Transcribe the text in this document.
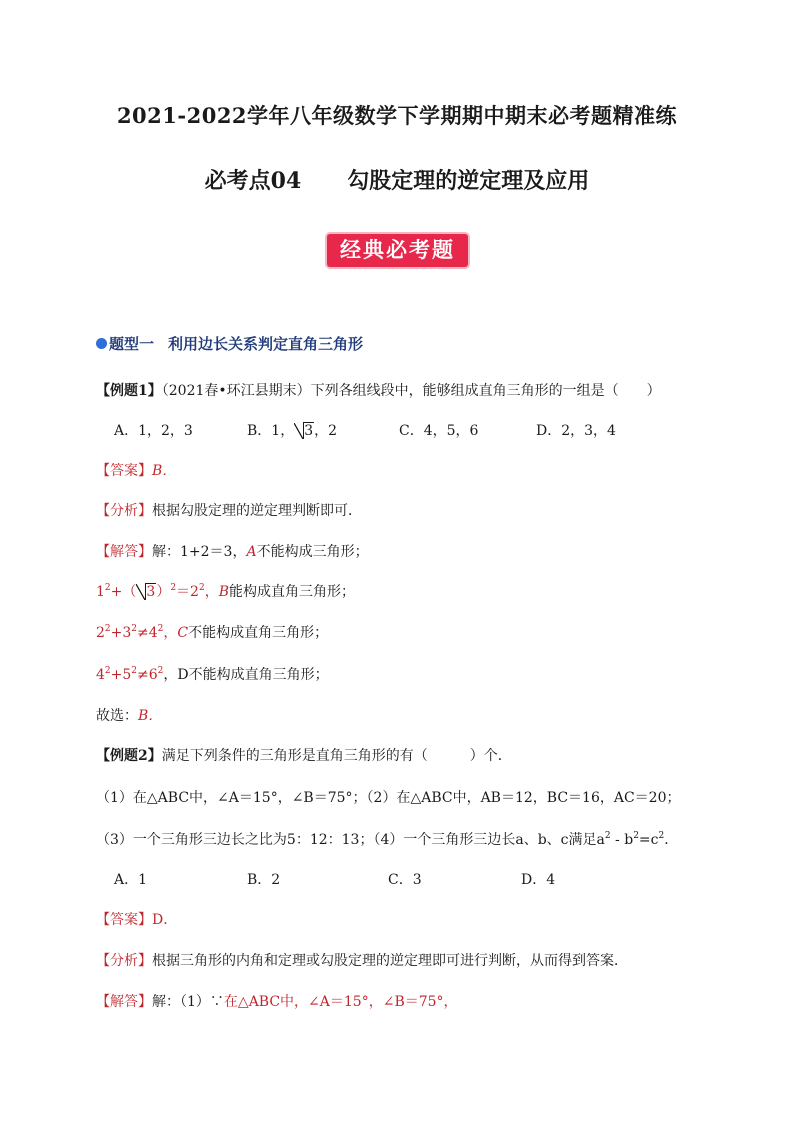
2021-2022学年八年级数学下学期期中期末必考题精准练
必考点04 勾股定理的逆定理及应用
经典必考题
题型一 利用边长关系判定直角三角形
【例题1】（2021春•环江县期末）下列各组线段中，能够组成直角三角形的一组是（　　）
A．1，2，3	B．1， 3，2	C．4，5，6	D．2，3，4
【答案】B．
【分析】根据勾股定理的逆定理判断即可．
【解答】解：1+2＝3，A不能构成三角形；
$1^2+$（ $3)^2=2^2$，B能构成直角三角形；
$2^2+3^2\ne 4^2$，C不能构成直角三角形；
$4^2+5^2\ne 6^2$，D不能构成直角三角形；
故选：B．
【例题2】满足下列条件的三角形是直角三角形的有（　　　）个．
（1）在△ABC中，∠A＝15°，∠B＝75°；（2）在△ABC中，AB＝12，BC＝16，AC＝20；
（3）一个三角形三边长之比为5：12：13；（4）一个三角形三边长a、b、c满足$a^2 - b^2=c^2$．
A．1	B．2	C．3	D．4
【答案】D．
【分析】根据三角形的内角和定理或勾股定理的逆定理即可进行判断，从而得到答案．
【解答】解：（1）∵在△ABC中，∠A＝15°，∠B＝75°，
